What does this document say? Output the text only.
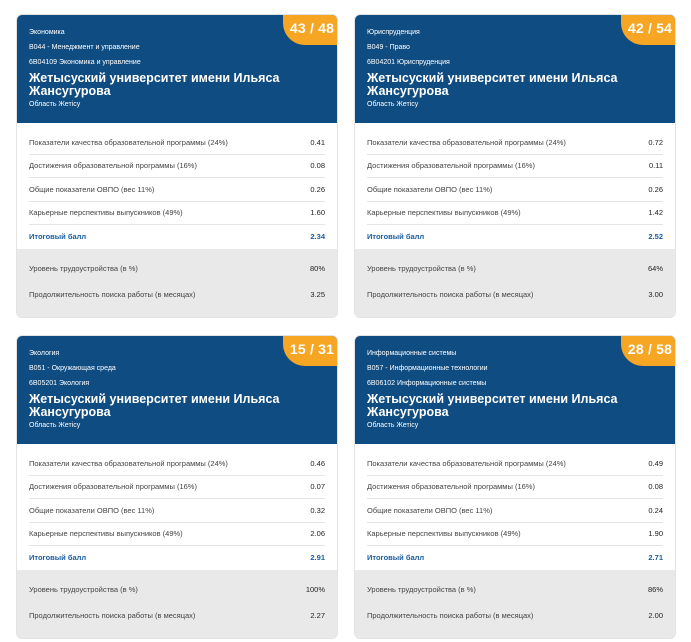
Экономика
В044 - Менеджмент и управление
6В04109 Экономика и управление
Жетысуский университет имени Ильяса Жансугурова
Область Жетісу
43 / 48
Показатели качества образовательной программы (24%)	0.41
Достижения образовательной программы (16%)	0.08
Общие показатели ОВПО (вес 11%)	0.26
Карьерные перспективы выпускников (49%)	1.60
Итоговый балл	2.34
Уровень трудоустройства (в %)	80%
Продолжительность поиска работы (в месяцах)	3.25
Юриспруденция
В049 - Право
6В04201 Юриспруденция
Жетысуский университет имени Ильяса Жансугурова
Область Жетісу
42 / 54
Показатели качества образовательной программы (24%)	0.72
Достижения образовательной программы (16%)	0.11
Общие показатели ОВПО (вес 11%)	0.26
Карьерные перспективы выпускников (49%)	1.42
Итоговый балл	2.52
Уровень трудоустройства (в %)	64%
Продолжительность поиска работы (в месяцах)	3.00
Экология
В051 - Окружающая среда
6В05201 Экология
Жетысуский университет имени Ильяса Жансугурова
Область Жетісу
15 / 31
Показатели качества образовательной программы (24%)	0.46
Достижения образовательной программы (16%)	0.07
Общие показатели ОВПО (вес 11%)	0.32
Карьерные перспективы выпускников (49%)	2.06
Итоговый балл	2.91
Уровень трудоустройства (в %)	100%
Продолжительность поиска работы (в месяцах)	2.27
Информационные системы
В057 - Информационные технологии
6В06102 Информационные системы
Жетысуский университет имени Ильяса Жансугурова
Область Жетісу
28 / 58
Показатели качества образовательной программы (24%)	0.49
Достижения образовательной программы (16%)	0.08
Общие показатели ОВПО (вес 11%)	0.24
Карьерные перспективы выпускников (49%)	1.90
Итоговый балл	2.71
Уровень трудоустройства (в %)	86%
Продолжительность поиска работы (в месяцах)	2.00
